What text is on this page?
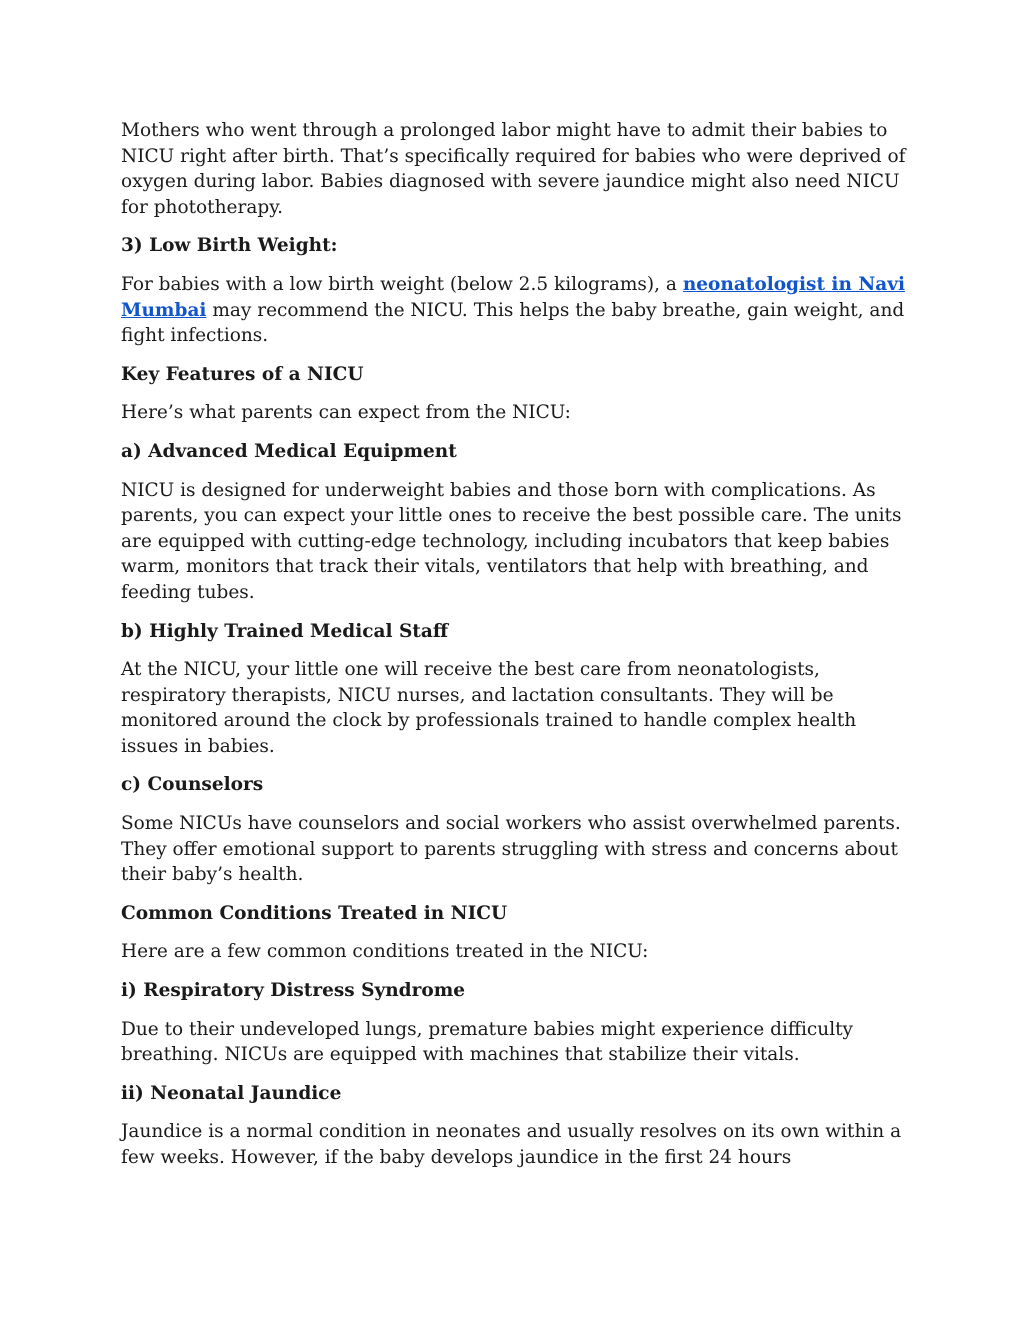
Mothers who went through a prolonged labor might have to admit their babies to NICU right after birth. That’s specifically required for babies who were deprived of oxygen during labor. Babies diagnosed with severe jaundice might also need NICU for phototherapy.

3) Low Birth Weight:

For babies with a low birth weight (below 2.5 kilograms), a neonatologist in Navi Mumbai may recommend the NICU. This helps the baby breathe, gain weight, and fight infections.

Key Features of a NICU

Here’s what parents can expect from the NICU:

a) Advanced Medical Equipment

NICU is designed for underweight babies and those born with complications. As parents, you can expect your little ones to receive the best possible care. The units are equipped with cutting-edge technology, including incubators that keep babies warm, monitors that track their vitals, ventilators that help with breathing, and feeding tubes.

b) Highly Trained Medical Staff

At the NICU, your little one will receive the best care from neonatologists, respiratory therapists, NICU nurses, and lactation consultants. They will be monitored around the clock by professionals trained to handle complex health issues in babies.

c) Counselors

Some NICUs have counselors and social workers who assist overwhelmed parents. They offer emotional support to parents struggling with stress and concerns about their baby’s health.

Common Conditions Treated in NICU

Here are a few common conditions treated in the NICU:

i) Respiratory Distress Syndrome

Due to their undeveloped lungs, premature babies might experience difficulty breathing. NICUs are equipped with machines that stabilize their vitals.

ii) Neonatal Jaundice

Jaundice is a normal condition in neonates and usually resolves on its own within a few weeks. However, if the baby develops jaundice in the first 24 hours
